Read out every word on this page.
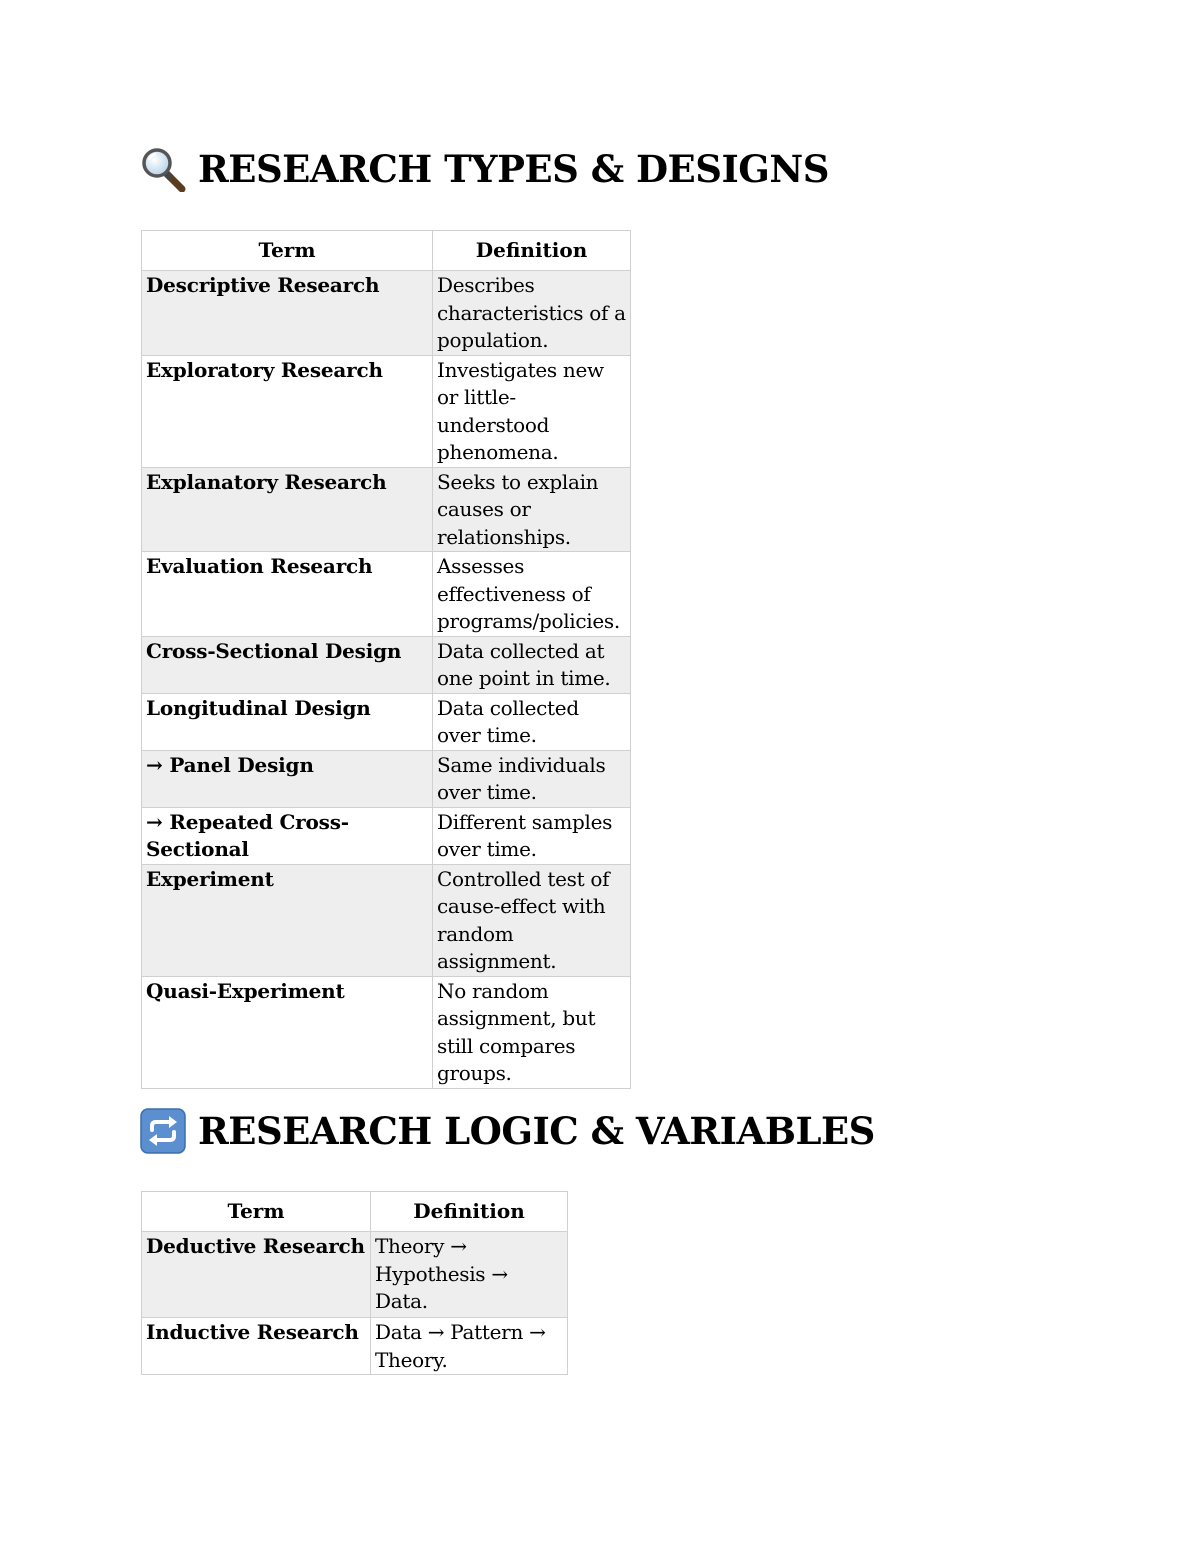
RESEARCH TYPES & DESIGNS
Term	Definition
Descriptive Research	Describes characteristics of a population.
Exploratory Research	Investigates new or little-understood phenomena.
Explanatory Research	Seeks to explain causes or relationships.
Evaluation Research	Assesses effectiveness of programs/policies.
Cross-Sectional Design	Data collected at one point in time.
Longitudinal Design	Data collected over time.
→ Panel Design	Same individuals over time.
→ Repeated Cross-Sectional	Different samples over time.
Experiment	Controlled test of cause-effect with random assignment.
Quasi-Experiment	No random assignment, but still compares groups.
RESEARCH LOGIC & VARIABLES
Term	Definition
Deductive Research	Theory → Hypothesis → Data.
Inductive Research	Data → Pattern → Theory.
